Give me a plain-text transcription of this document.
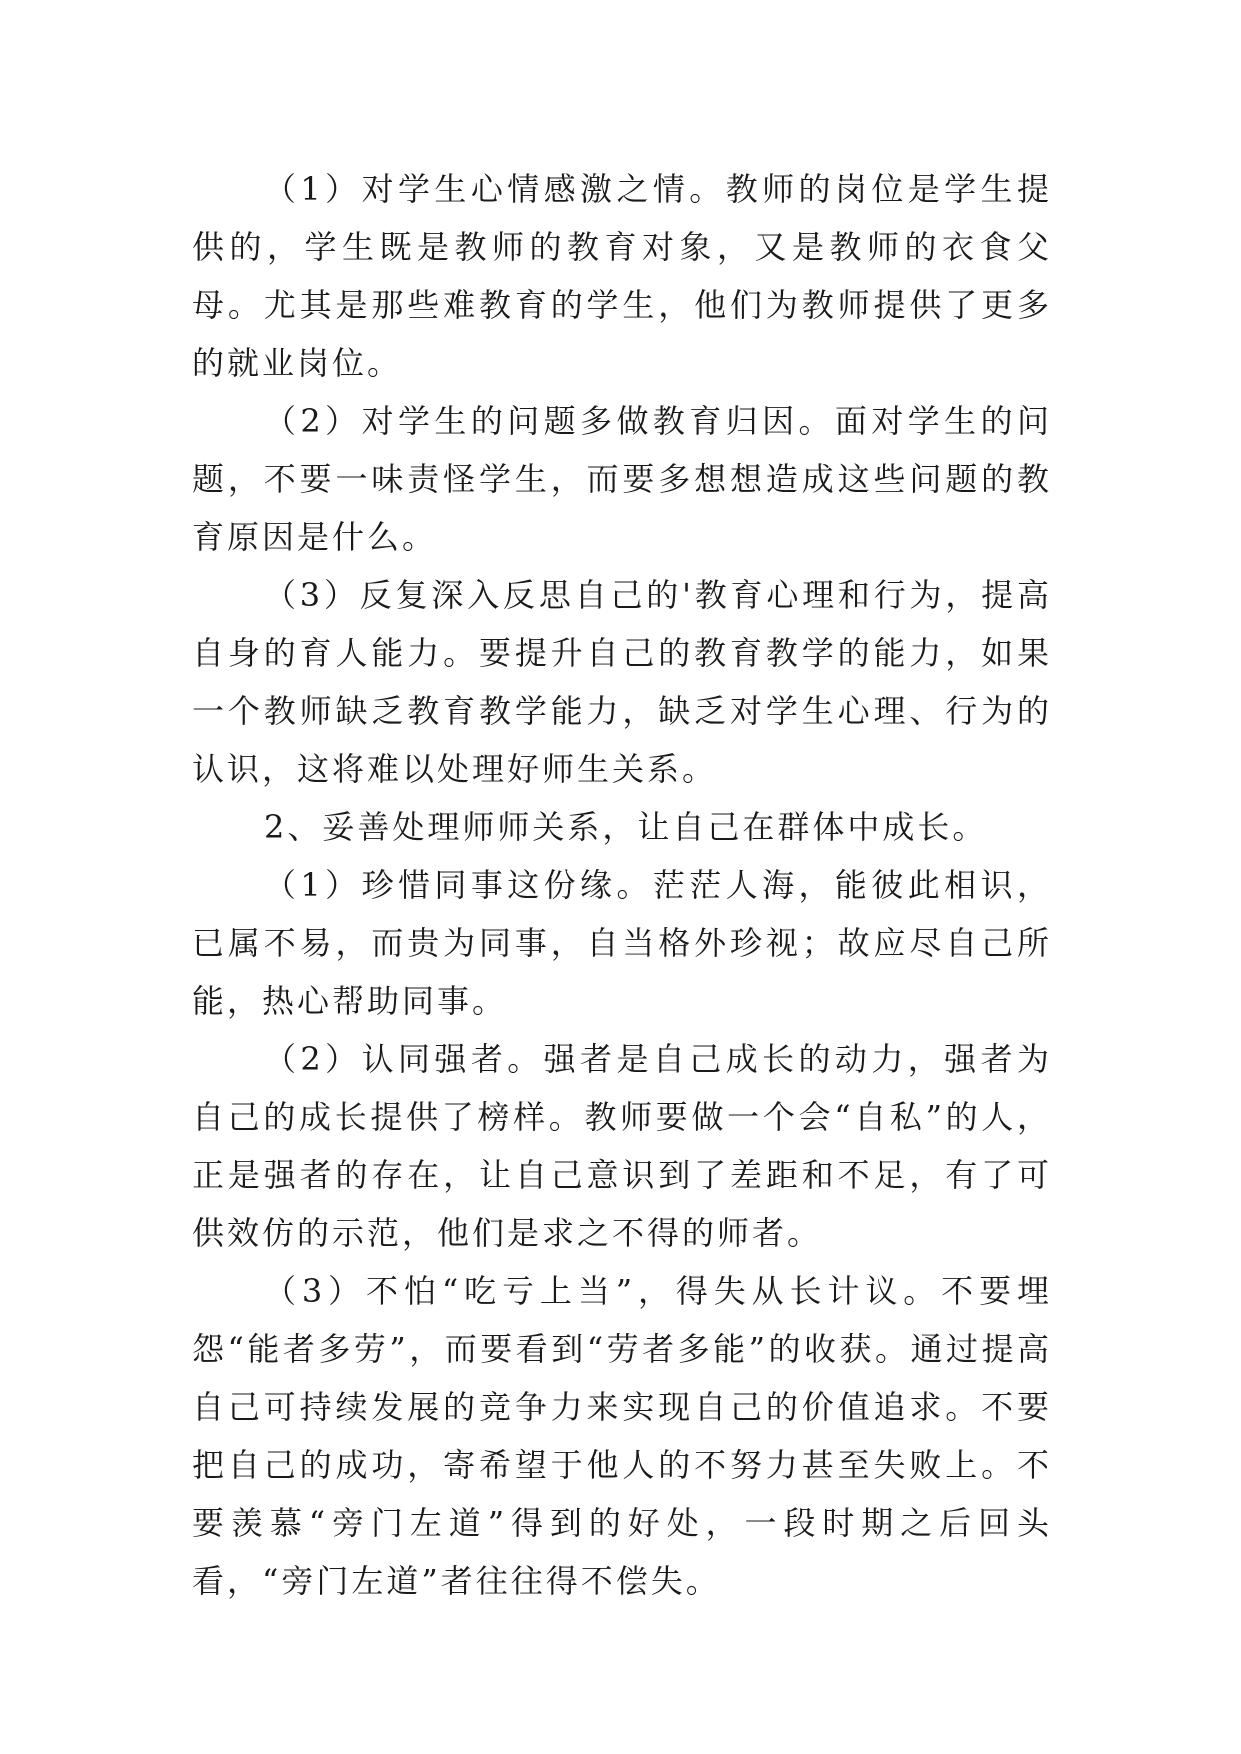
（1）对学生心情感激之情。教师的岗位是学生提供的，学生既是教师的教育对象，又是教师的衣食父母。尤其是那些难教育的学生，他们为教师提供了更多的就业岗位。

（2）对学生的问题多做教育归因。面对学生的问题，不要一味责怪学生，而要多想想造成这些问题的教育原因是什么。

（3）反复深入反思自己的'教育心理和行为，提高自身的育人能力。要提升自己的教育教学的能力，如果一个教师缺乏教育教学能力，缺乏对学生心理、行为的认识，这将难以处理好师生关系。

2、妥善处理师师关系，让自己在群体中成长。

（1）珍惜同事这份缘。茫茫人海，能彼此相识，已属不易，而贵为同事，自当格外珍视；故应尽自己所能，热心帮助同事。

（2）认同强者。强者是自己成长的动力，强者为自己的成长提供了榜样。教师要做一个会“自私”的人，正是强者的存在，让自己意识到了差距和不足，有了可供效仿的示范，他们是求之不得的师者。

（3）不怕“吃亏上当”，得失从长计议。不要埋怨“能者多劳”，而要看到“劳者多能”的收获。通过提高自己可持续发展的竞争力来实现自己的价值追求。不要把自己的成功，寄希望于他人的不努力甚至失败上。不要羡慕“旁门左道”得到的好处，一段时期之后回头看，“旁门左道”者往往得不偿失。
